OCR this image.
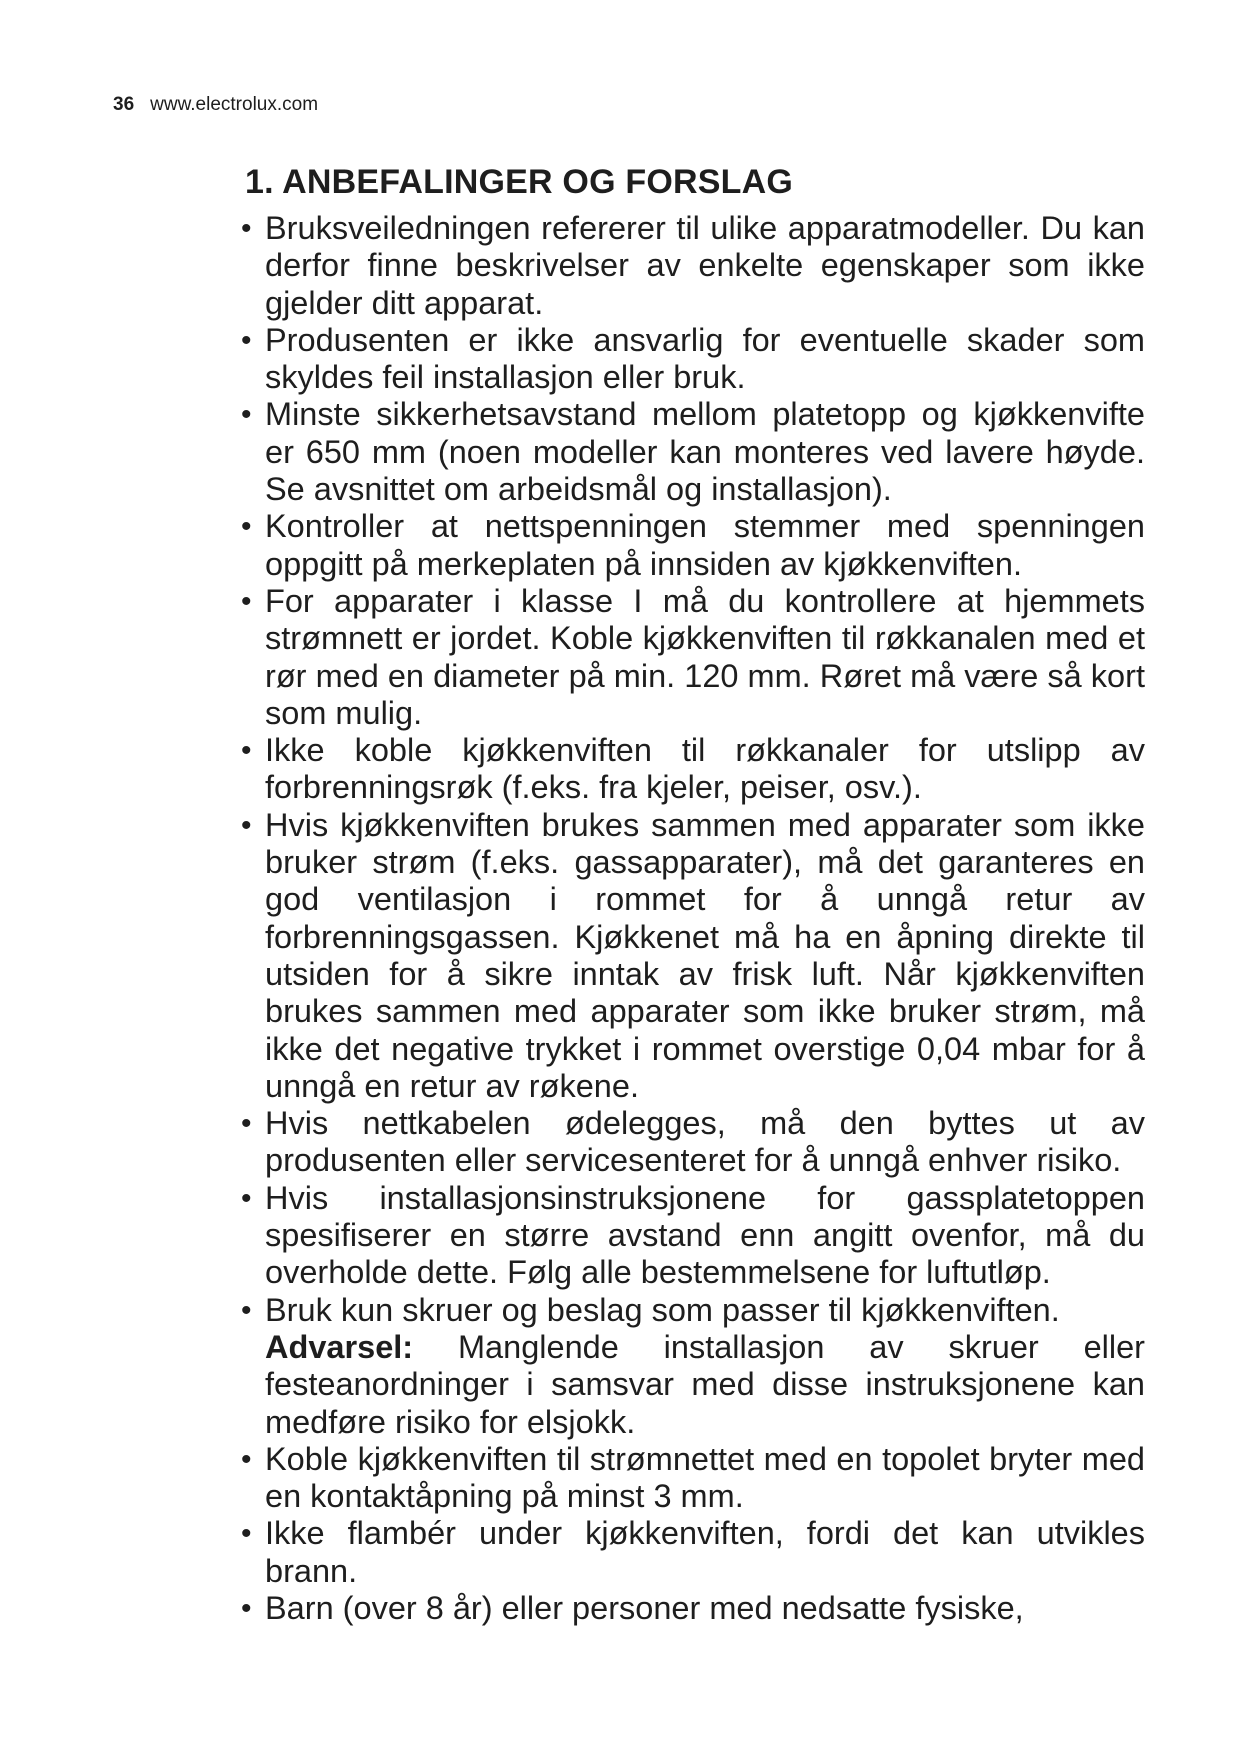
36 www.electrolux.com
1. ANBEFALINGER OG FORSLAG
• Bruksveiledningen refererer til ulike apparatmodeller. Du kan derfor finne beskrivelser av enkelte egenskaper som ikke gjelder ditt apparat.
• Produsenten er ikke ansvarlig for eventuelle skader som skyldes feil installasjon eller bruk.
• Minste sikkerhetsavstand mellom platetopp og kjøkkenvifte er 650 mm (noen modeller kan monteres ved lavere høyde. Se avsnittet om arbeidsmål og installasjon).
• Kontroller at nettspenningen stemmer med spenningen oppgitt på merkeplaten på innsiden av kjøkkenviften.
• For apparater i klasse I må du kontrollere at hjemmets strømnett er jordet. Koble kjøkkenviften til røkkanalen med et rør med en diameter på min. 120 mm. Røret må være så kort som mulig.
• Ikke koble kjøkkenviften til røkkanaler for utslipp av forbrenningsrøk (f.eks. fra kjeler, peiser, osv.).
• Hvis kjøkkenviften brukes sammen med apparater som ikke bruker strøm (f.eks. gassapparater), må det garanteres en god ventilasjon i rommet for å unngå retur av forbrenningsgassen. Kjøkkenet må ha en åpning direkte til utsiden for å sikre inntak av frisk luft. Når kjøkkenviften brukes sammen med apparater som ikke bruker strøm, må ikke det negative trykket i rommet overstige 0,04 mbar for å unngå en retur av røkene.
• Hvis nettkabelen ødelegges, må den byttes ut av produsenten eller servicesenteret for å unngå enhver risiko.
• Hvis installasjonsinstruksjonene for gassplatetoppen spesifiserer en større avstand enn angitt ovenfor, må du overholde dette. Følg alle bestemmelsene for luftutløp.
• Bruk kun skruer og beslag som passer til kjøkkenviften.
Advarsel: Manglende installasjon av skruer eller festeanordninger i samsvar med disse instruksjonene kan medføre risiko for elsjokk.
• Koble kjøkkenviften til strømnettet med en topolet bryter med en kontaktåpning på minst 3 mm.
• Ikke flambér under kjøkkenviften, fordi det kan utvikles brann.
• Barn (over 8 år) eller personer med nedsatte fysiske,
